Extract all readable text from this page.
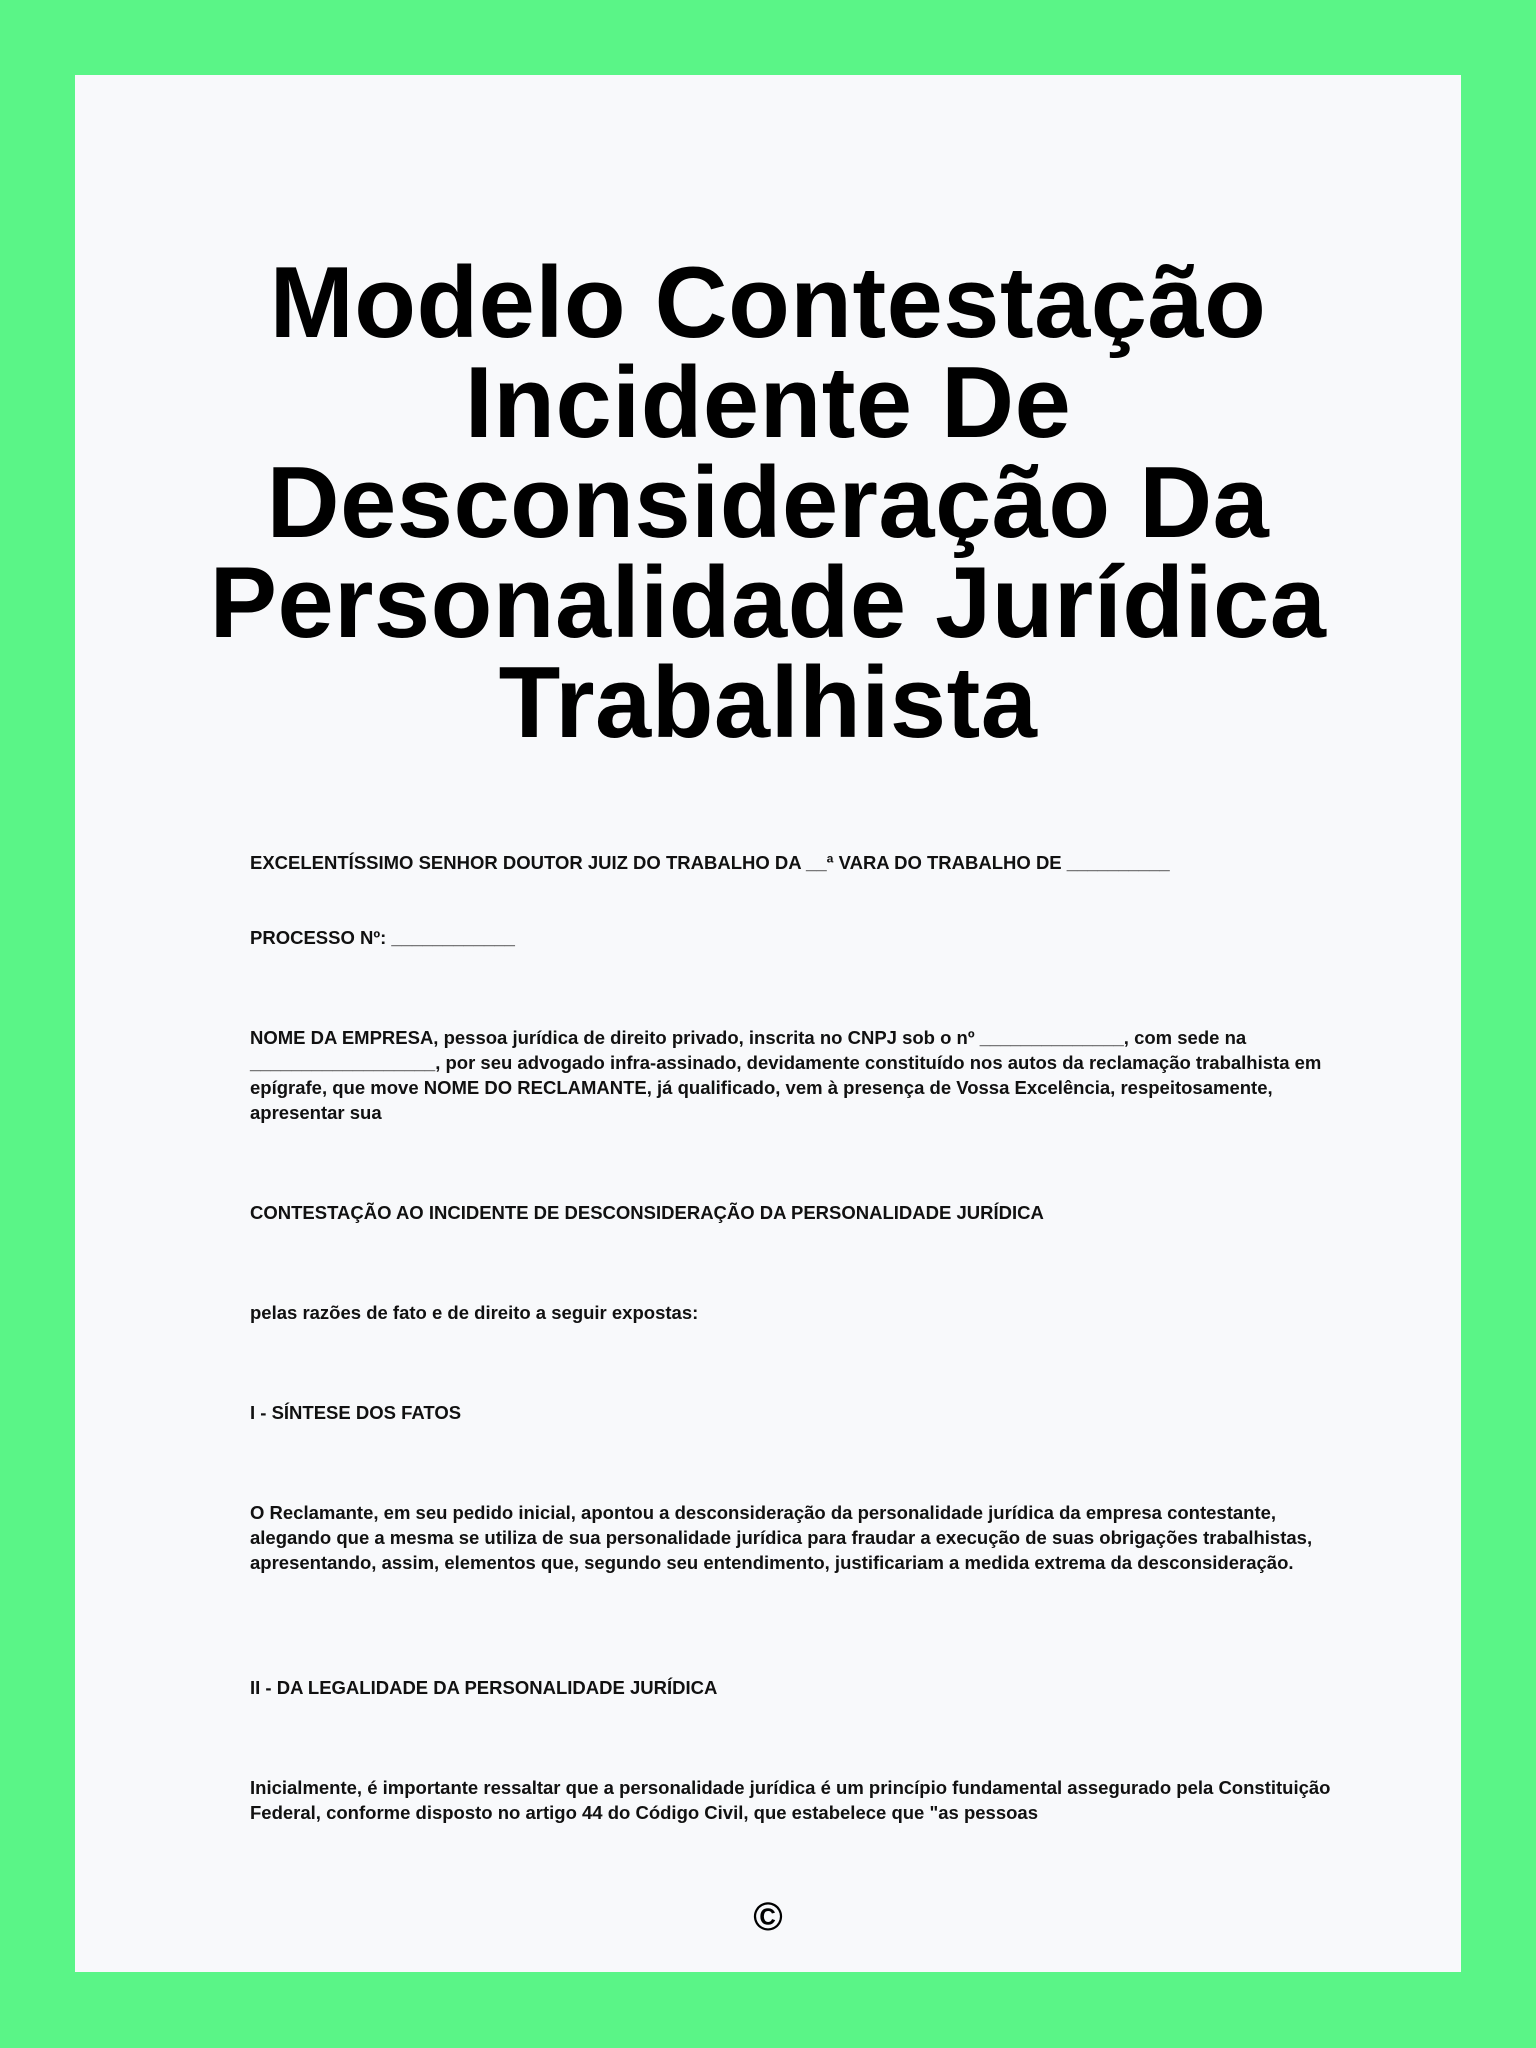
Modelo Contestação
Incidente De
Desconsideração Da
Personalidade Jurídica
Trabalhista

EXCELENTÍSSIMO SENHOR DOUTOR JUIZ DO TRABALHO DA __ª VARA DO TRABALHO DE __________

PROCESSO Nº: ____________

NOME DA EMPRESA, pessoa jurídica de direito privado, inscrita no CNPJ sob o nº ______________, com sede na __________________, por seu advogado infra-assinado, devidamente constituído nos autos da reclamação trabalhista em epígrafe, que move NOME DO RECLAMANTE, já qualificado, vem à presença de Vossa Excelência, respeitosamente, apresentar sua

CONTESTAÇÃO AO INCIDENTE DE DESCONSIDERAÇÃO DA PERSONALIDADE JURÍDICA

pelas razões de fato e de direito a seguir expostas:

I - SÍNTESE DOS FATOS

O Reclamante, em seu pedido inicial, apontou a desconsideração da personalidade jurídica da empresa contestante, alegando que a mesma se utiliza de sua personalidade jurídica para fraudar a execução de suas obrigações trabalhistas, apresentando, assim, elementos que, segundo seu entendimento, justificariam a medida extrema da desconsideração.

II - DA LEGALIDADE DA PERSONALIDADE JURÍDICA

Inicialmente, é importante ressaltar que a personalidade jurídica é um princípio fundamental assegurado pela Constituição Federal, conforme disposto no artigo 44 do Código Civil, que estabelece que "as pessoas

©
